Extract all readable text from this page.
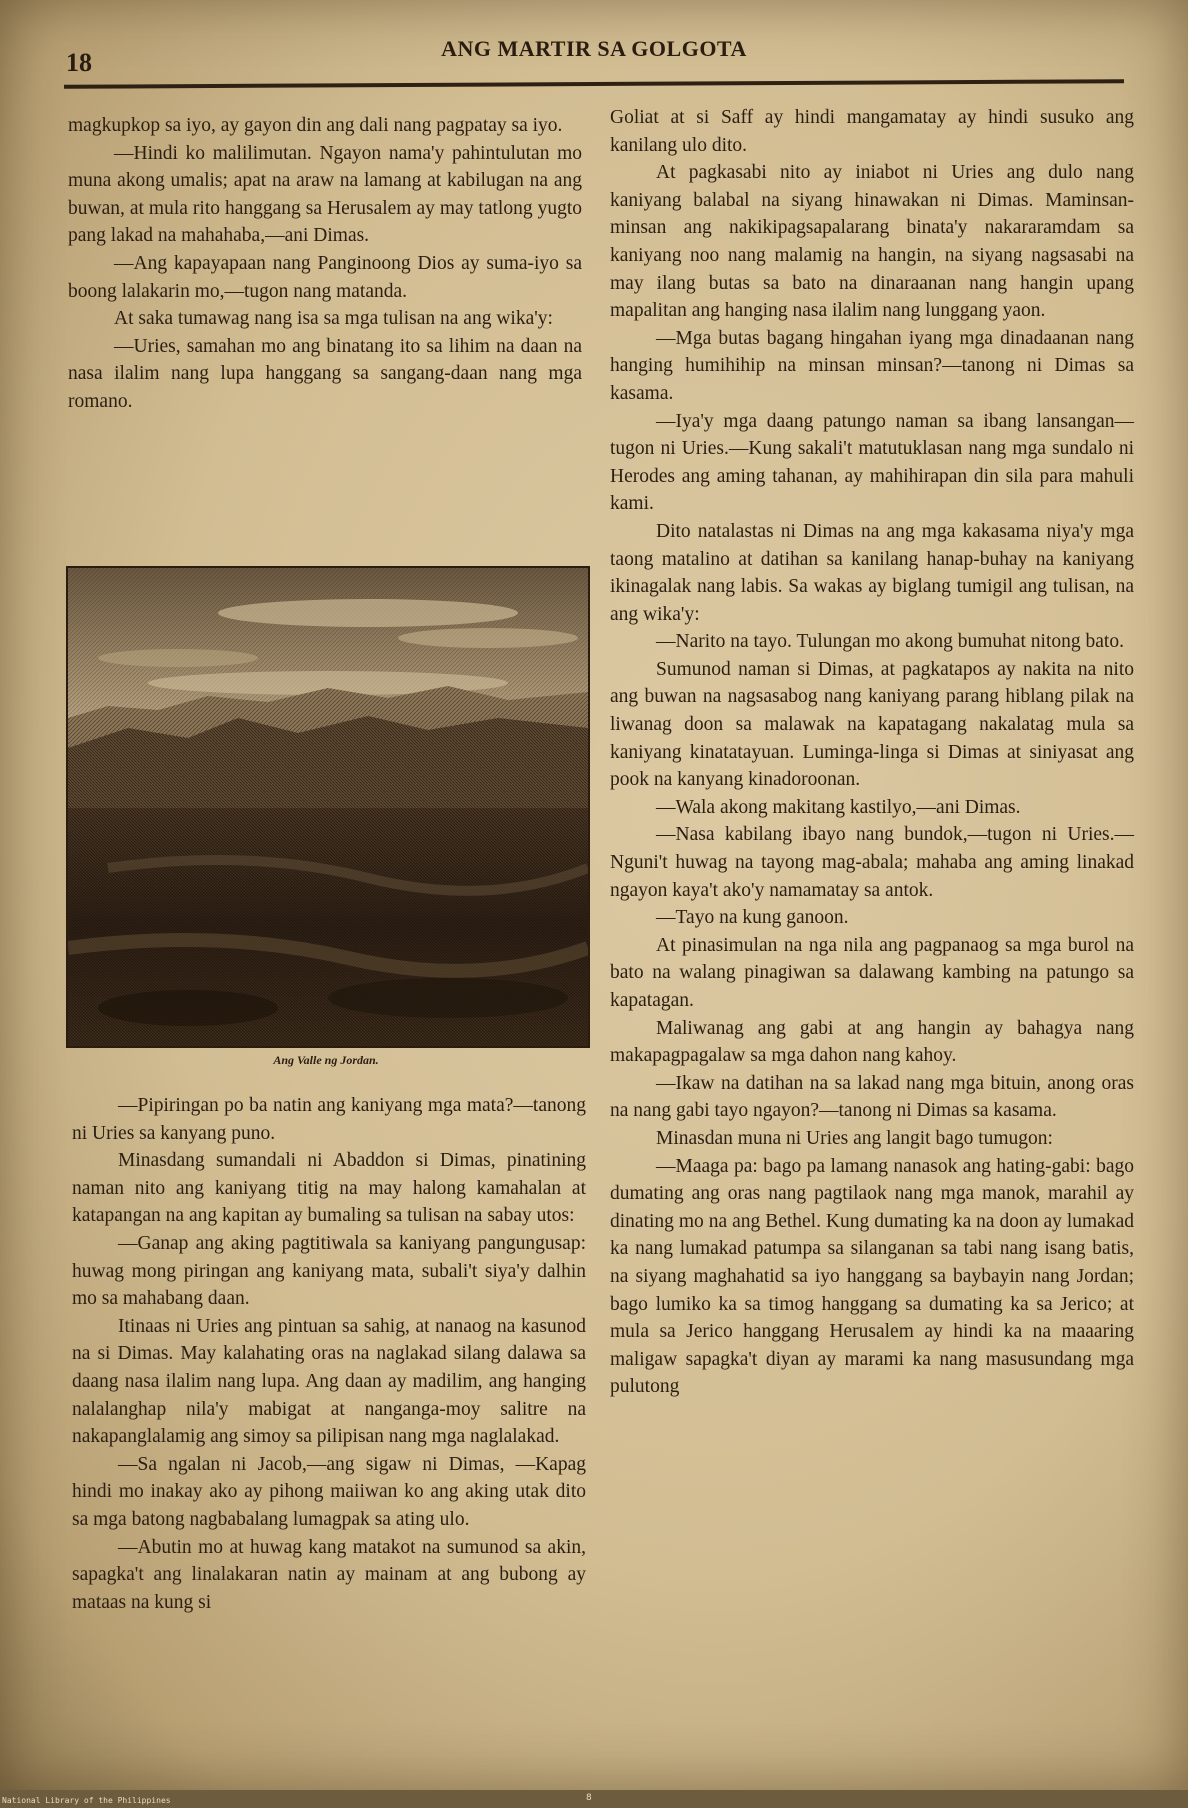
18	ANG MARTIR SA GOLGOTA

magkupkop sa iyo, ay gayon din ang dali nang pagpatay sa iyo.

—Hindi ko malilimutan. Ngayon nama'y pahintulutan mo muna akong umalis; apat na araw na lamang at kabilugan na ang buwan, at mula rito hanggang sa Herusalem ay may tatlong yugto pang lakad na mahahaba,—ani Dimas.

—Ang kapayapaan nang Panginoong Dios ay suma-iyo sa boong lalakarin mo,—tugon nang matanda.

At saka tumawag nang isa sa mga tulisan na ang wika'y:

—Uries, samahan mo ang binatang ito sa lihim na daan na nasa ilalim nang lupa hanggang sa sangang-daan nang mga romano.

Ang Valle ng Jordan.

—Pipiringan po ba natin ang kaniyang mga mata?—tanong ni Uries sa kanyang puno.

Minasdang sumandali ni Abaddon si Dimas, pinatining naman nito ang kaniyang titig na may halong kamahalan at katapangan na ang kapitan ay bumaling sa tulisan na sabay utos:

—Ganap ang aking pagtitiwala sa kaniyang pangungusap: huwag mong piringan ang kaniyang mata, subali't siya'y dalhin mo sa mahabang daan.

Itinaas ni Uries ang pintuan sa sahig, at nanaog na kasunod na si Dimas. May kalahating oras na naglakad silang dalawa sa daang nasa ilalim nang lupa. Ang daan ay madilim, ang hanging nalalanghap nila'y mabigat at nanganga-moy salitre na nakapanglalamig ang simoy sa pilipisan nang mga naglalakad.

—Sa ngalan ni Jacob,—ang sigaw ni Dimas, —Kapag hindi mo inakay ako ay pihong maiiwan ko ang aking utak dito sa mga batong nagbabalang lumagpak sa ating ulo.

—Abutin mo at huwag kang matakot na sumunod sa akin, sapagka't ang linalakaran natin ay mainam at ang bubong ay mataas na kung si

Goliat at si Saff ay hindi mangamatay ay hindi susuko ang kanilang ulo dito.

At pagkasabi nito ay iniabot ni Uries ang dulo nang kaniyang balabal na siyang hinawakan ni Dimas. Maminsan-minsan ang nakikipagsapalarang binata'y nakararamdam sa kaniyang noo nang malamig na hangin, na siyang nagsasabi na may ilang butas sa bato na dinaraanan nang hangin upang mapalitan ang hanging nasa ilalim nang lunggang yaon.

—Mga butas bagang hingahan iyang mga dinadaanan nang hanging humihihip na minsan minsan?—tanong ni Dimas sa kasama.

—Iya'y mga daang patungo naman sa ibang lansangan—tugon ni Uries.—Kung sakali't matutuklasan nang mga sundalo ni Herodes ang aming tahanan, ay mahihirapan din sila para mahuli kami.

Dito natalastas ni Dimas na ang mga kakasama niya'y mga taong matalino at datihan sa kanilang hanap-buhay na kaniyang ikinagalak nang labis. Sa wakas ay biglang tumigil ang tulisan, na ang wika'y:

—Narito na tayo. Tulungan mo akong bumuhat nitong bato.

Sumunod naman si Dimas, at pagkatapos ay nakita na nito ang buwan na nagsasabog nang kaniyang parang hiblang pilak na liwanag doon sa malawak na kapatagang nakalatag mula sa kaniyang kinatatayuan. Luminga-linga si Dimas at siniyasat ang pook na kanyang kinadoroonan.

—Wala akong makitang kastilyo,—ani Dimas.

—Nasa kabilang ibayo nang bundok,—tugon ni Uries.—Nguni't huwag na tayong mag-abala; mahaba ang aming linakad ngayon kaya't ako'y namamatay sa antok.

—Tayo na kung ganoon.

At pinasimulan na nga nila ang pagpanaog sa mga burol na bato na walang pinagiwan sa dalawang kambing na patungo sa kapatagan.

Maliwanag ang gabi at ang hangin ay bahagya nang makapagpagalaw sa mga dahon nang kahoy.

—Ikaw na datihan na sa lakad nang mga bituin, anong oras na nang gabi tayo ngayon?—tanong ni Dimas sa kasama.

Minasdan muna ni Uries ang langit bago tumugon:

—Maaga pa: bago pa lamang nanasok ang hating-gabi: bago dumating ang oras nang pagtilaok nang mga manok, marahil ay dinating mo na ang Bethel. Kung dumating ka na doon ay lumakad ka nang lumakad patumpa sa silanganan sa tabi nang isang batis, na siyang maghahatid sa iyo hanggang sa baybayin nang Jordan; bago lumiko ka sa timog hanggang sa dumating ka sa Jerico; at mula sa Jerico hanggang Herusalem ay hindi ka na maaaring maligaw sapagka't diyan ay marami ka nang masusundang mga pulutong

National Library of the Philippines	8
